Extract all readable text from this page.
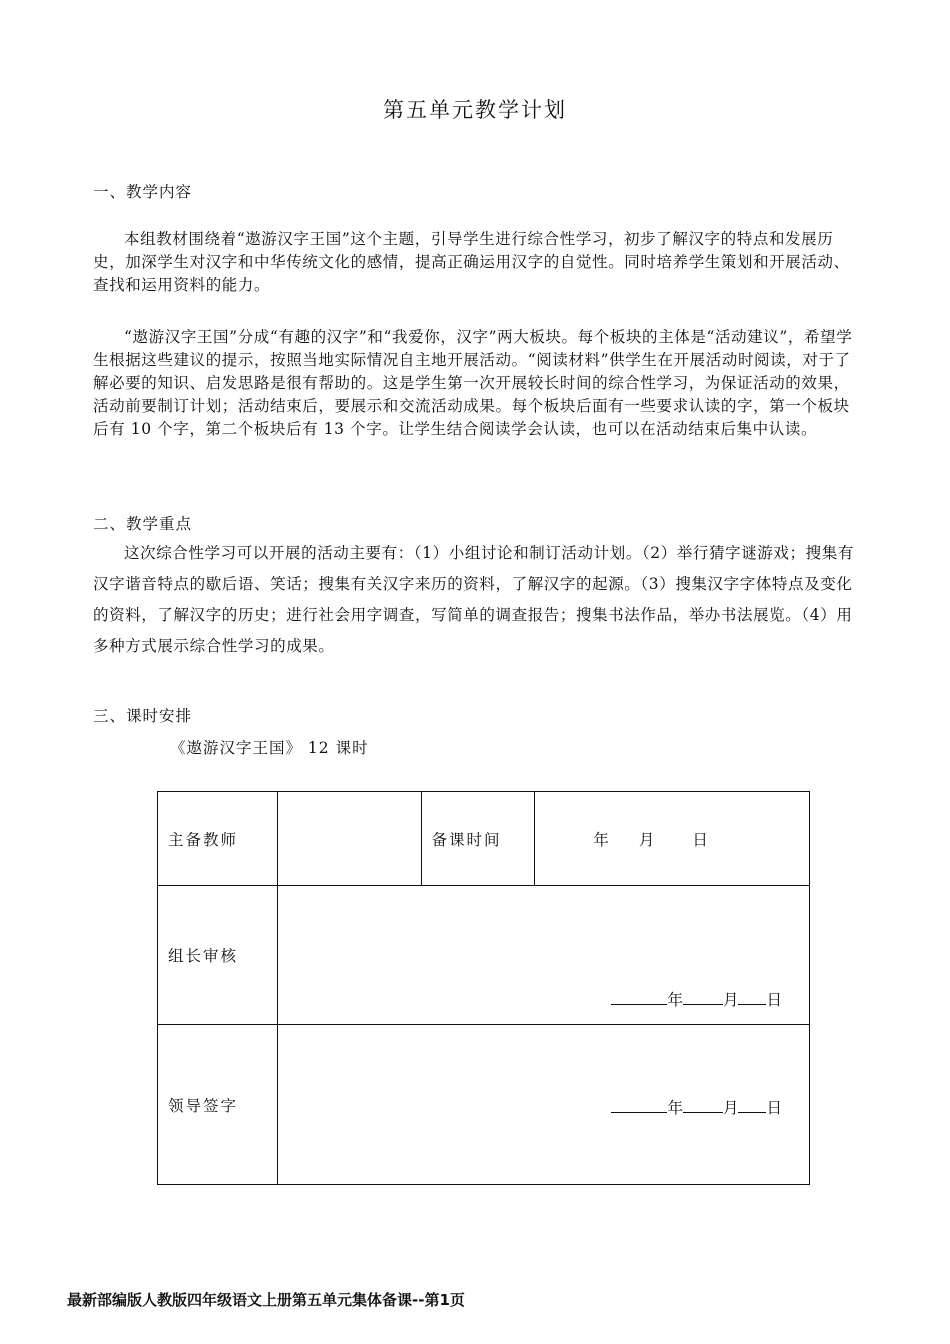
第五单元教学计划
一、教学内容
本组教材围绕着“遨游汉字王国”这个主题，引导学生进行综合性学习，初步了解汉字的特点和发展历史，加深学生对汉字和中华传统文化的感情，提高正确运用汉字的自觉性。同时培养学生策划和开展活动、查找和运用资料的能力。
“遨游汉字王国”分成“有趣的汉字”和“我爱你，汉字”两大板块。每个板块的主体是“活动建议”，希望学生根据这些建议的提示，按照当地实际情况自主地开展活动。“阅读材料”供学生在开展活动时阅读，对于了解必要的知识、启发思路是很有帮助的。这是学生第一次开展较长时间的综合性学习，为保证活动的效果，活动前要制订计划；活动结束后，要展示和交流活动成果。每个板块后面有一些要求认读的字，第一个板块后有 10 个字，第二个板块后有 13 个字。让学生结合阅读学会认读，也可以在活动结束后集中认读。
二、教学重点
这次综合性学习可以开展的活动主要有：（1）小组讨论和制订活动计划。（2）举行猜字谜游戏；搜集有汉字谐音特点的歇后语、笑话；搜集有关汉字来历的资料，了解汉字的起源。（3）搜集汉字字体特点及变化的资料，了解汉字的历史；进行社会用字调查，写简单的调查报告；搜集书法作品，举办书法展览。（4）用多种方式展示综合性学习的成果。
三、课时安排
《遨游汉字王国》 12 课时
主备教师		备课时间	年 月 日

组长审核	年 月 日		

领导签字	年 月 日		
最新部编版人教版四年级语文上册第五单元集体备课--第1页
